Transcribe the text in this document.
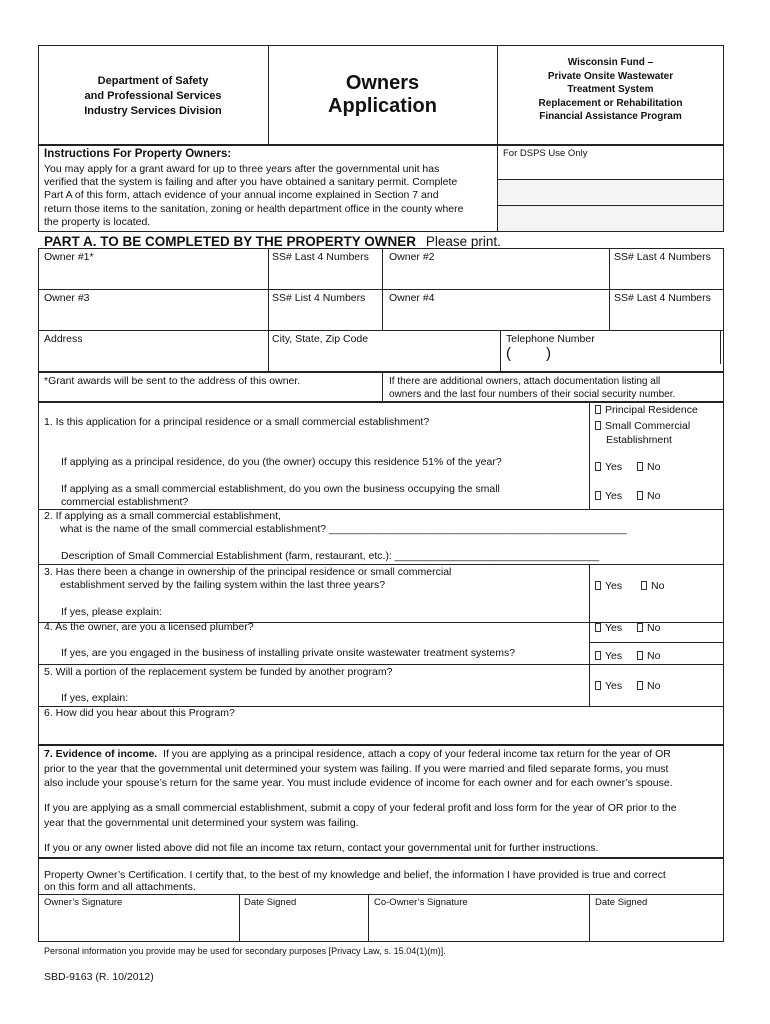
Department of Safety
and Professional Services
Industry Services Division
Owners
Application
Wisconsin Fund –
Private Onsite Wastewater
Treatment System
Replacement or Rehabilitation
Financial Assistance Program
Instructions For Property Owners:
You may apply for a grant award for up to three years after the governmental unit has
verified that the system is failing and after you have obtained a sanitary permit. Complete
Part A of this form, attach evidence of your annual income explained in Section 7 and
return those items to the sanitation, zoning or health department office in the county where
the property is located.
For DSPS Use Only
PART A. TO BE COMPLETED BY THE PROPERTY OWNER Please print.
Owner #1*	SS# Last 4 Numbers Owner #2	SS# Last 4 Numbers
Owner #3	SS# List 4 Numbers Owner #4	SS# Last 4 Numbers
Address	City, State, Zip Code	Telephone Number
( )
*Grant awards will be sent to the address of this owner.	If there are additional owners, attach documentation listing all
owners and the last four numbers of their social security number.
1. Is this application for a principal residence or a small commercial establishment?
Principal Residence
Small Commercial
Establishment
If applying as a principal residence, do you (the owner) occupy this residence 51% of the year?	Yes	No
If applying as a small commercial establishment, do you own the business occupying the small
commercial establishment?	Yes	No
2. If applying as a small commercial establishment,
what is the name of the small commercial establishment? ___________________________________________________
Description of Small Commercial Establishment (farm, restaurant, etc.): ___________________________________
3. Has there been a change in ownership of the principal residence or small commercial
establishment served by the failing system within the last three years?	Yes	No
If yes, please explain:
4. As the owner, are you a licensed plumber?	Yes	No
If yes, are you engaged in the business of installing private onsite wastewater treatment systems?	Yes	No
5. Will a portion of the replacement system be funded by another program?
Yes	No
If yes, explain:
6. How did you hear about this Program?
7. Evidence of income. If you are applying as a principal residence, attach a copy of your federal income tax return for the year of OR
prior to the year that the governmental unit determined your system was failing. If you were married and filed separate forms, you must
also include your spouse’s return for the same year. You must include evidence of income for each owner and for each owner’s spouse.
If you are applying as a small commercial establishment, submit a copy of your federal profit and loss form for the year of OR prior to the
year that the governmental unit determined your system was failing.
If you or any owner listed above did not file an income tax return, contact your governmental unit for further instructions.
Property Owner’s Certification. I certify that, to the best of my knowledge and belief, the information I have provided is true and correct
on this form and all attachments.
Owner’s Signature	Date Signed	Co-Owner’s Signature	Date Signed
Personal information you provide may be used for secondary purposes [Privacy Law, s. 15.04(1)(m)].
SBD-9163 (R. 10/2012)
